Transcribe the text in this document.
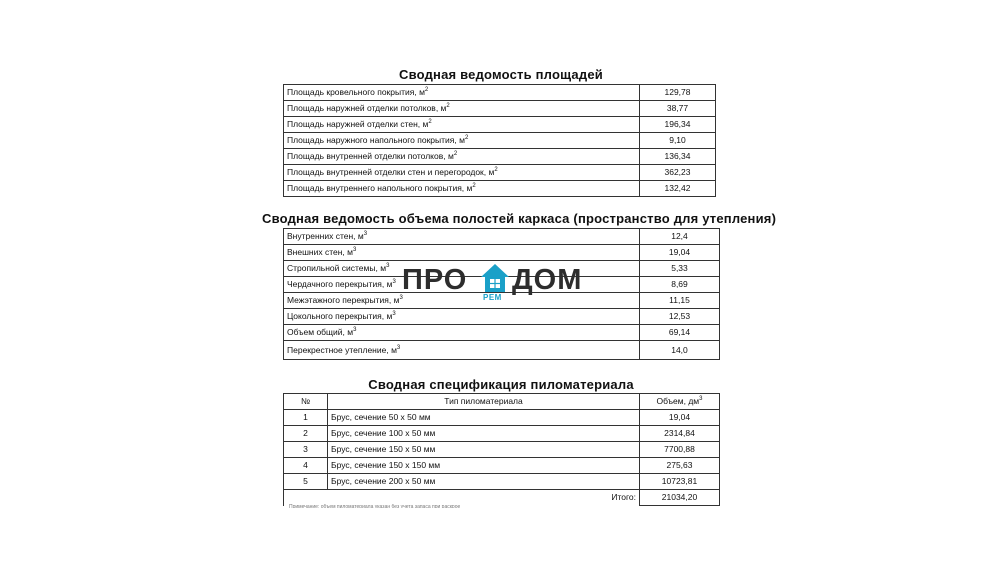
Сводная ведомость площадей
Площадь кровельного покрытия, $м^2$	129,78
Площадь наружней отделки потолков, $м^2$	38,77
Площадь наружней отделки стен, $м^2$	196,34
Площадь наружного напольного покрытия, $м^2$	9,10
Площадь внутренней отделки потолков, $м^2$	136,34
Площадь внутренней отделки стен и перегородок, $м^2$	362,23
Площадь внутреннего напольного покрытия, $м^2$	132,42
Сводная ведомость объема полостей каркаса (пространство для утепления)
Внутренних стен, $м^3$	12,4
Внешних стен, $м^3$	19,04
Стропильной системы, $м^3$	5,33
Чердачного перекрытия, $м^3$	8,69
Межэтажного перекрытия, $м^3$	11,15
Цокольного перекрытия, $м^3$	12,53
Объем общий, $м^3$	69,14
Перекрестное утепление, $м^3$	14,0
ПРО
РЕМ
ДОМ
Сводная спецификация пиломатериала
№	Тип пиломатериала	Объем, $дм^3$
1	Брус, сечение 50 х 50 мм	19,04
2	Брус, сечение 100 х 50 мм	2314,84
3	Брус, сечение 150 х 50 мм	7700,88
4	Брус, сечение 150 х 150 мм	275,63
5	Брус, сечение 200 х 50 мм	10723,81
	Итого:	21034,20
Примечание: объем пиломатериала указан без учета запаса при раскрое
